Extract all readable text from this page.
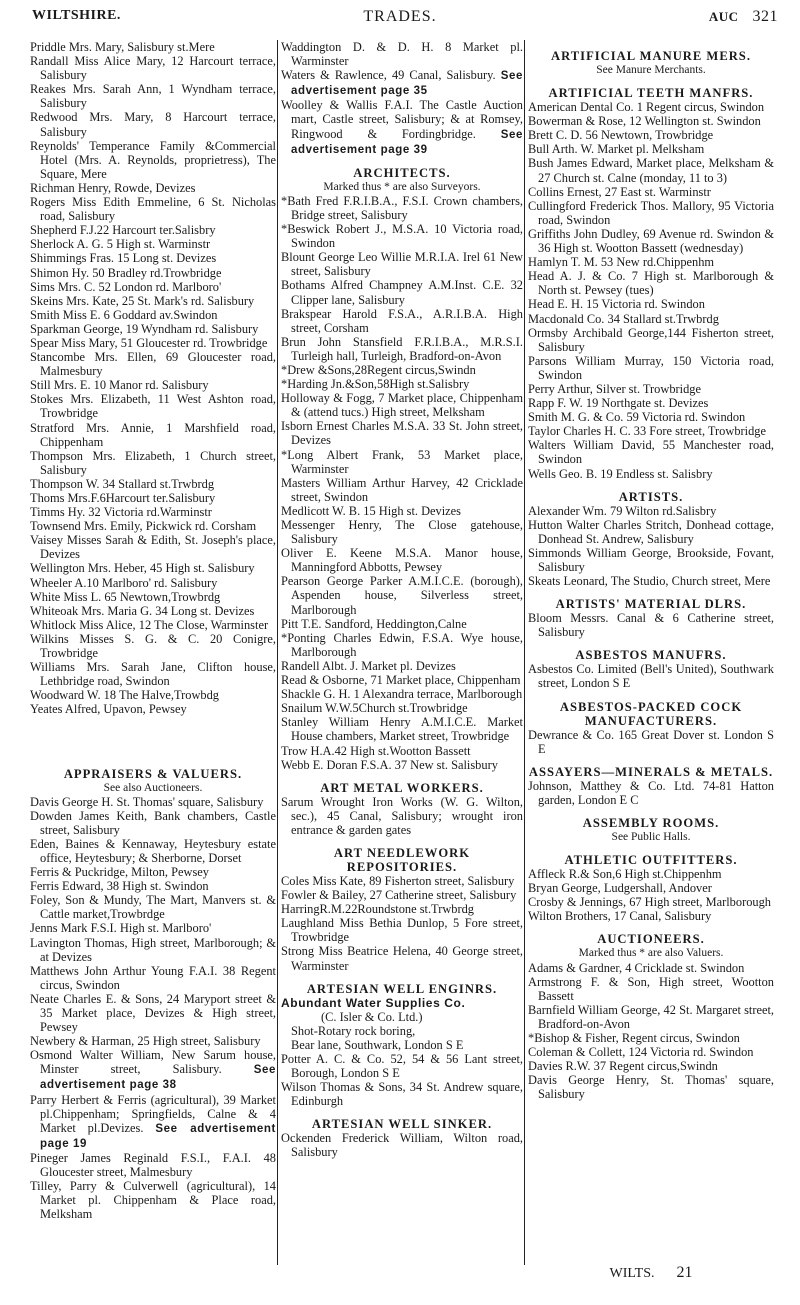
WILTSHIRE.	TRADES.	AUC 321
Priddle Mrs. Mary, Salisbury st.Mere
Randall Miss Alice Mary, 12 Harcourt terrace, Salisbury
Reakes Mrs. Sarah Ann, 1 Wyndham terrace, Salisbury
Redwood Mrs. Mary, 8 Harcourt terrace, Salisbury
Reynolds' Temperance Family &Commercial Hotel (Mrs. A. Reynolds, proprietress), The Square, Mere
Richman Henry, Rowde, Devizes
Rogers Miss Edith Emmeline, 6 St. Nicholas road, Salisbury
Shepherd F.J.22 Harcourt ter.Salisbry
Sherlock A. G. 5 High st. Warminstr
Shimmings Fras. 15 Long st. Devizes
Shimon Hy. 50 Bradley rd.Trowbridge
Sims Mrs. C. 52 London rd. Marlboro'
Skeins Mrs. Kate, 25 St. Mark's rd. Salisbury
Smith Miss E. 6 Goddard av.Swindon
Sparkman George, 19 Wyndham rd. Salisbury
Spear Miss Mary, 51 Gloucester rd. Trowbridge
Stancombe Mrs. Ellen, 69 Gloucester road, Malmesbury
Still Mrs. E. 10 Manor rd. Salisbury
Stokes Mrs. Elizabeth, 11 West Ashton road, Trowbridge
Stratford Mrs. Annie, 1 Marshfield road, Chippenham
Thompson Mrs. Elizabeth, 1 Church street, Salisbury
Thompson W. 34 Stallard st.Trwbrdg
Thoms Mrs.F.6Harcourt ter.Salisbury
Timms Hy. 32 Victoria rd.Warminstr
Townsend Mrs. Emily, Pickwick rd. Corsham
Vaisey Misses Sarah & Edith, St. Joseph's place, Devizes
Wellington Mrs. Heber, 45 High st. Salisbury
Wheeler A.10 Marlboro' rd. Salisbury
White Miss L. 65 Newtown,Trowbrdg
Whiteoak Mrs. Maria G. 34 Long st. Devizes
Whitlock Miss Alice, 12 The Close, Warminster
Wilkins Misses S. G. & C. 20 Conigre, Trowbridge
Williams Mrs. Sarah Jane, Clifton house, Lethbridge road, Swindon
Woodward W. 18 The Halve,Trowbdg
Yeates Alfred, Upavon, Pewsey
APPRAISERS & VALUERS.
See also Auctioneers.
Davis George H. St. Thomas' square, Salisbury
Dowden James Keith, Bank chambers, Castle street, Salisbury
Eden, Baines & Kennaway, Heytesbury estate office, Heytesbury; & Sherborne, Dorset
Ferris & Puckridge, Milton, Pewsey
Ferris Edward, 38 High st. Swindon
Foley, Son & Mundy, The Mart, Manvers st. & Cattle market,Trowbrdge
Jenns Mark F.S.I. High st. Marlboro'
Lavington Thomas, High street, Marlborough; & at Devizes
Matthews John Arthur Young F.A.I. 38 Regent circus, Swindon
Neate Charles E. & Sons, 24 Maryport street & 35 Market place, Devizes & High street, Pewsey
Newbery & Harman, 25 High street, Salisbury
Osmond Walter William, New Sarum house, Minster street, Salisbury.	See advertisement page 38
Parry Herbert & Ferris (agricultural), 39 Market pl.Chippenham; Springfields, Calne & 4 Market pl.Devizes. See advertisement page 19
Pineger James Reginald F.S.I., F.A.I. 48 Gloucester street, Malmesbury
Tilley, Parry & Culverwell (agricultural), 14 Market pl. Chippenham & Place road, Melksham
Waddington D. & D. H. 8 Market pl. Warminster
Waters & Rawlence, 49 Canal, Salisbury. See advertisement page 35
Woolley & Wallis F.A.I. The Castle Auction mart, Castle street, Salisbury; & at Romsey, Ringwood & Fordingbridge. See advertisement page 39
ARCHITECTS.
Marked thus * are also Surveyors.
*Bath Fred F.R.I.B.A., F.S.I. Crown chambers, Bridge street, Salisbury
*Beswick Robert J., M.S.A. 10 Victoria road, Swindon
Blount George Leo Willie M.R.I.A. Irel 61 New street, Salisbury
Bothams Alfred Champney A.M.Inst. C.E. 32 Clipper lane, Salisbury
Brakspear Harold F.S.A., A.R.I.B.A. High street, Corsham
Brun John Stansfield F.R.I.B.A., M.R.S.I. Turleigh hall, Turleigh, Bradford-on-Avon
*Drew &Sons,28Regent circus,Swindn
*Harding Jn.&Son,58High st.Salisbry
Holloway & Fogg, 7 Market place, Chippenham & (attend tucs.) High street, Melksham
Isborn Ernest Charles M.S.A. 33 St. John street, Devizes
*Long Albert Frank, 53 Market place, Warminster
Masters William Arthur Harvey, 42 Cricklade street, Swindon
Medlicott W. B. 15 High st. Devizes
Messenger Henry, The Close gatehouse, Salisbury
Oliver E. Keene M.S.A. Manor house, Manningford Abbotts, Pewsey
Pearson George Parker A.M.I.C.E. (borough), Aspenden house, Silverless street, Marlborough
Pitt T.E. Sandford, Heddington,Calne
*Ponting Charles Edwin, F.S.A. Wye house, Marlborough
Randell Albt. J. Market pl. Devizes
Read & Osborne, 71 Market place, Chippenham
Shackle G. H. 1 Alexandra terrace, Marlborough
Snailum W.W.5Church st.Trowbridge
Stanley William Henry A.M.I.C.E. Market House chambers, Market street, Trowbridge
Trow H.A.42 High st.Wootton Bassett
Webb E. Doran F.S.A. 37 New st. Salisbury
ART METAL WORKERS.
Sarum Wrought Iron Works (W. G. Wilton, sec.), 45 Canal, Salisbury; wrought iron entrance & garden gates
ART NEEDLEWORK REPOSITORIES.
Coles Miss Kate, 89 Fisherton street, Salisbury
Fowler & Bailey, 27 Catherine street, Salisbury
HarringR.M.22Roundstone st.Trwbrdg
Laughland Miss Bethia Dunlop, 5 Fore street, Trowbridge
Strong Miss Beatrice Helena, 40 George street, Warminster
ARTESIAN WELL ENGINRS.
Abundant Water Supplies Co.
(C. Isler & Co. Ltd.)
Shot-Rotary rock boring,
Bear lane, Southwark, London S E
Potter A. C. & Co. 52, 54 & 56 Lant street, Borough, London S E
Wilson Thomas & Sons, 34 St. Andrew square, Edinburgh
ARTESIAN WELL SINKER.
Ockenden Frederick William, Wilton road, Salisbury
ARTIFICIAL MANURE MERS.
See Manure Merchants.
ARTIFICIAL TEETH MANFRS.
American Dental Co. 1 Regent circus, Swindon
Bowerman & Rose, 12 Wellington st. Swindon
Brett C. D. 56 Newtown, Trowbridge
Bull Arth. W. Market pl. Melksham
Bush James Edward, Market place, Melksham & 27 Church st. Calne (monday, 11 to 3)
Collins Ernest, 27 East st. Warminstr
Cullingford Frederick Thos. Mallory, 95 Victoria road, Swindon
Griffiths John Dudley, 69 Avenue rd. Swindon & 36 High st. Wootton Bassett (wednesday)
Hamlyn T. M. 53 New rd.Chippenhm
Head A. J. & Co. 7 High st. Marlborough & North st. Pewsey (tues)
Head E. H. 15 Victoria rd. Swindon
Macdonald Co. 34 Stallard st.Trwbrdg
Ormsby Archibald George,144 Fisherton street, Salisbury
Parsons William Murray, 150 Victoria road, Swindon
Perry Arthur, Silver st. Trowbridge
Rapp F. W. 19 Northgate st. Devizes
Smith M. G. & Co. 59 Victoria rd. Swindon
Taylor Charles H. C. 33 Fore street, Trowbridge
Walters William David, 55 Manchester road, Swindon
Wells Geo. B. 19 Endless st. Salisbry
ARTISTS.
Alexander Wm. 79 Wilton rd.Salisbry
Hutton Walter Charles Stritch, Donhead cottage, Donhead St. Andrew, Salisbury
Simmonds William George, Brookside, Fovant, Salisbury
Skeats Leonard, The Studio, Church street, Mere
ARTISTS' MATERIAL DLRS.
Bloom Messrs. Canal & 6 Catherine street, Salisbury
ASBESTOS MANUFRS.
Asbestos Co. Limited (Bell's United), Southwark street, London S E
ASBESTOS-PACKED COCK MANUFACTURERS.
Dewrance & Co. 165 Great Dover st. London S E
ASSAYERS—MINERALS & METALS.
Johnson, Matthey & Co. Ltd. 74-81 Hatton garden, London E C
ASSEMBLY ROOMS.
See Public Halls.
ATHLETIC OUTFITTERS.
Affleck R.& Son,6 High st.Chippenhm
Bryan George, Ludgershall, Andover
Crosby & Jennings, 67 High street, Marlborough
Wilton Brothers, 17 Canal, Salisbury
AUCTIONEERS.
Marked thus * are also Valuers.
Adams & Gardner, 4 Cricklade st. Swindon
Armstrong F. & Son, High street, Wootton Bassett
Barnfield William George, 42 St. Margaret street, Bradford-on-Avon
*Bishop & Fisher, Regent circus, Swindon
Coleman & Collett, 124 Victoria rd. Swindon
Davies R.W. 37 Regent circus,Swindn
Davis George Henry, St. Thomas' square, Salisbury
WILTS. 21
